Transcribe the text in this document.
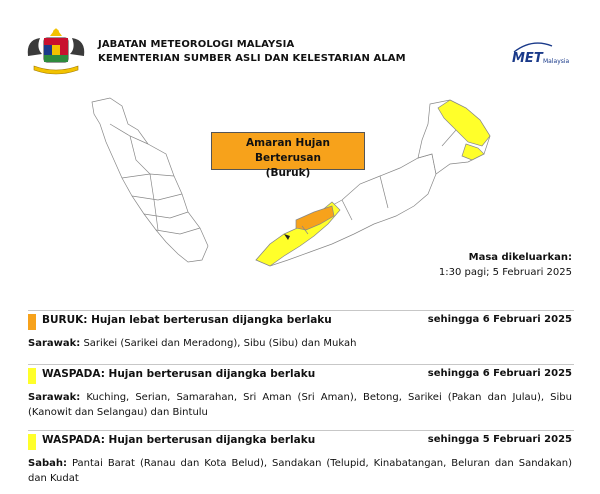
JABATAN METEOROLOGI MALAYSIA
KEMENTERIAN SUMBER ASLI DAN KELESTARIAN ALAM	MET Malaysia
Amaran Hujan Berterusan
(Buruk)
Masa dikeluarkan:
1:30 pagi; 5 Februari 2025
BURUK: Hujan lebat berterusan dijangka berlaku	sehingga 6 Februari 2025
Sarawak: Sarikei (Sarikei dan Meradong), Sibu (Sibu) dan Mukah
WASPADA: Hujan berterusan dijangka berlaku	sehingga 6 Februari 2025
Sarawak: Kuching, Serian, Samarahan, Sri Aman (Sri Aman), Betong, Sarikei (Pakan dan Julau), Sibu (Kanowit dan Selangau) dan Bintulu
WASPADA: Hujan berterusan dijangka berlaku	sehingga 5 Februari 2025
Sabah: Pantai Barat (Ranau dan Kota Belud), Sandakan (Telupid, Kinabatangan, Beluran dan Sandakan) dan Kudat
